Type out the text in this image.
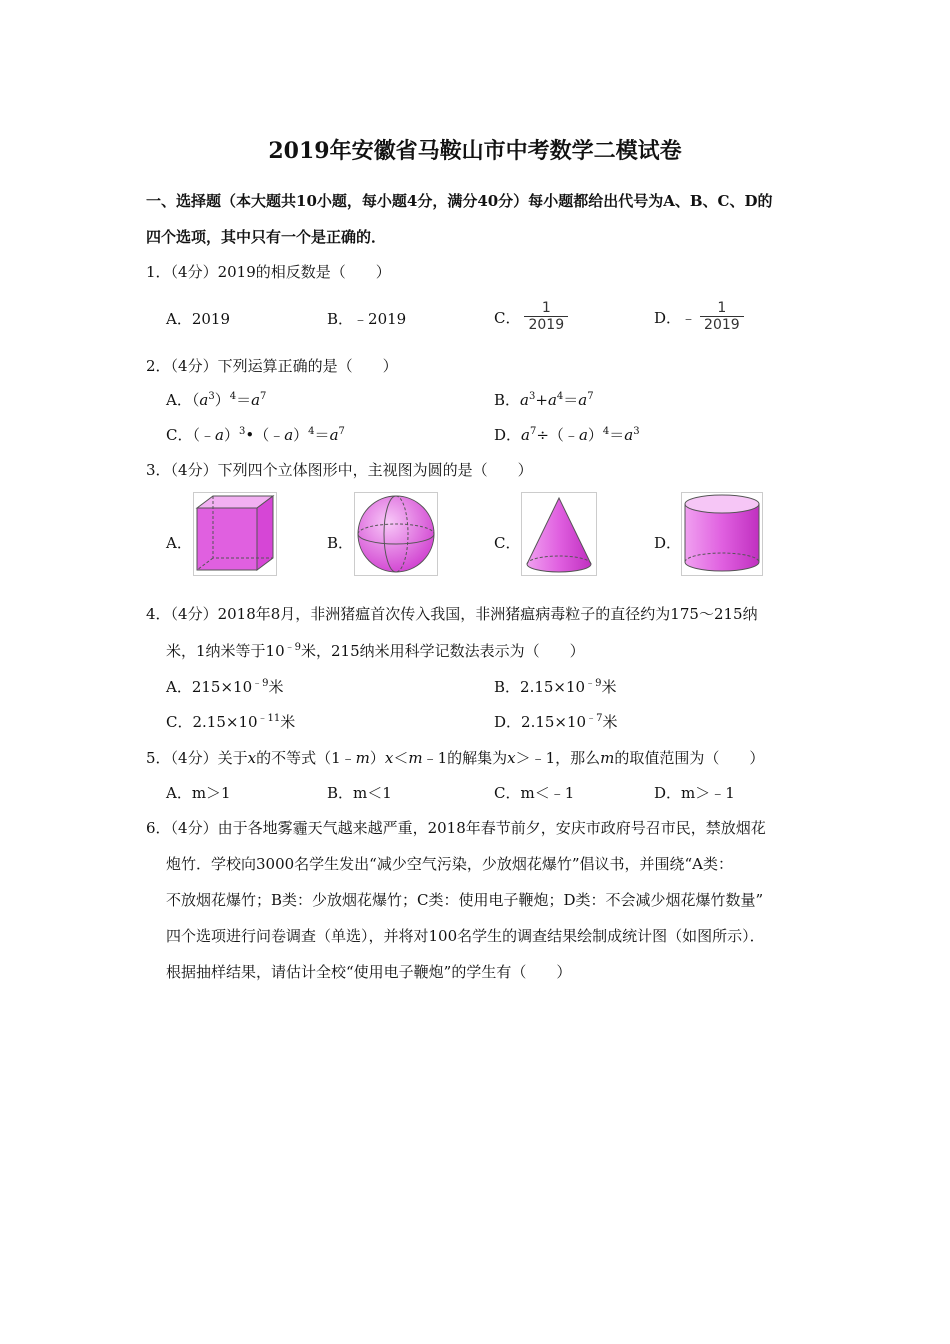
2019年安徽省马鞍山市中考数学二模试卷
一、选择题（本大题共10小题，每小题4分，满分40分）每小题都给出代号为A、B、C、D的
四个选项，其中只有一个是正确的．
1．（4分）2019的相反数是（　　）
A．2019	B．﹣2019	C． $\frac{1}{2019}$	D．﹣ $\frac{1}{2019}$
2．（4分）下列运算正确的是（　　）
A．$(a^3)^4=a^7$	B．$a^3+a^4=a^7$
C．$(﹣a)^3•(﹣a)^4=a^7$	D．$a^7\div(﹣a)^4=a^3$
3．（4分）下列四个立体图形中，主视图为圆的是（　　）
A．	B．	C．	D．
4．（4分）2018年8月，非洲猪瘟首次传入我国，非洲猪瘟病毒粒子的直径约为175～215纳
米，1纳米等于$10^{﹣9}$米，215纳米用科学记数法表示为（　　）
A．$215\times 10^{﹣9}$米	B．$2.15\times 10^{﹣9}$米
C．$2.15\times 10^{﹣11}$米	D．$2.15\times 10^{﹣7}$米
5．（4分）关于x的不等式（1﹣m）x＜m﹣1的解集为x＞﹣1，那么m的取值范围为（　　）
A．m＞1	B．m＜1	C．m＜﹣1	D．m＞﹣1
6．（4分）由于各地雾霾天气越来越严重，2018年春节前夕，安庆市政府号召市民，禁放烟花
炮竹．学校向3000名学生发出“减少空气污染，少放烟花爆竹”倡议书，并围绕“A类：
不放烟花爆竹；B类：少放烟花爆竹；C类：使用电子鞭炮；D类：不会减少烟花爆竹数量”
四个选项进行问卷调查（单选），并将对100名学生的调查结果绘制成统计图（如图所示）．
根据抽样结果，请估计全校“使用电子鞭炮”的学生有（　　）
